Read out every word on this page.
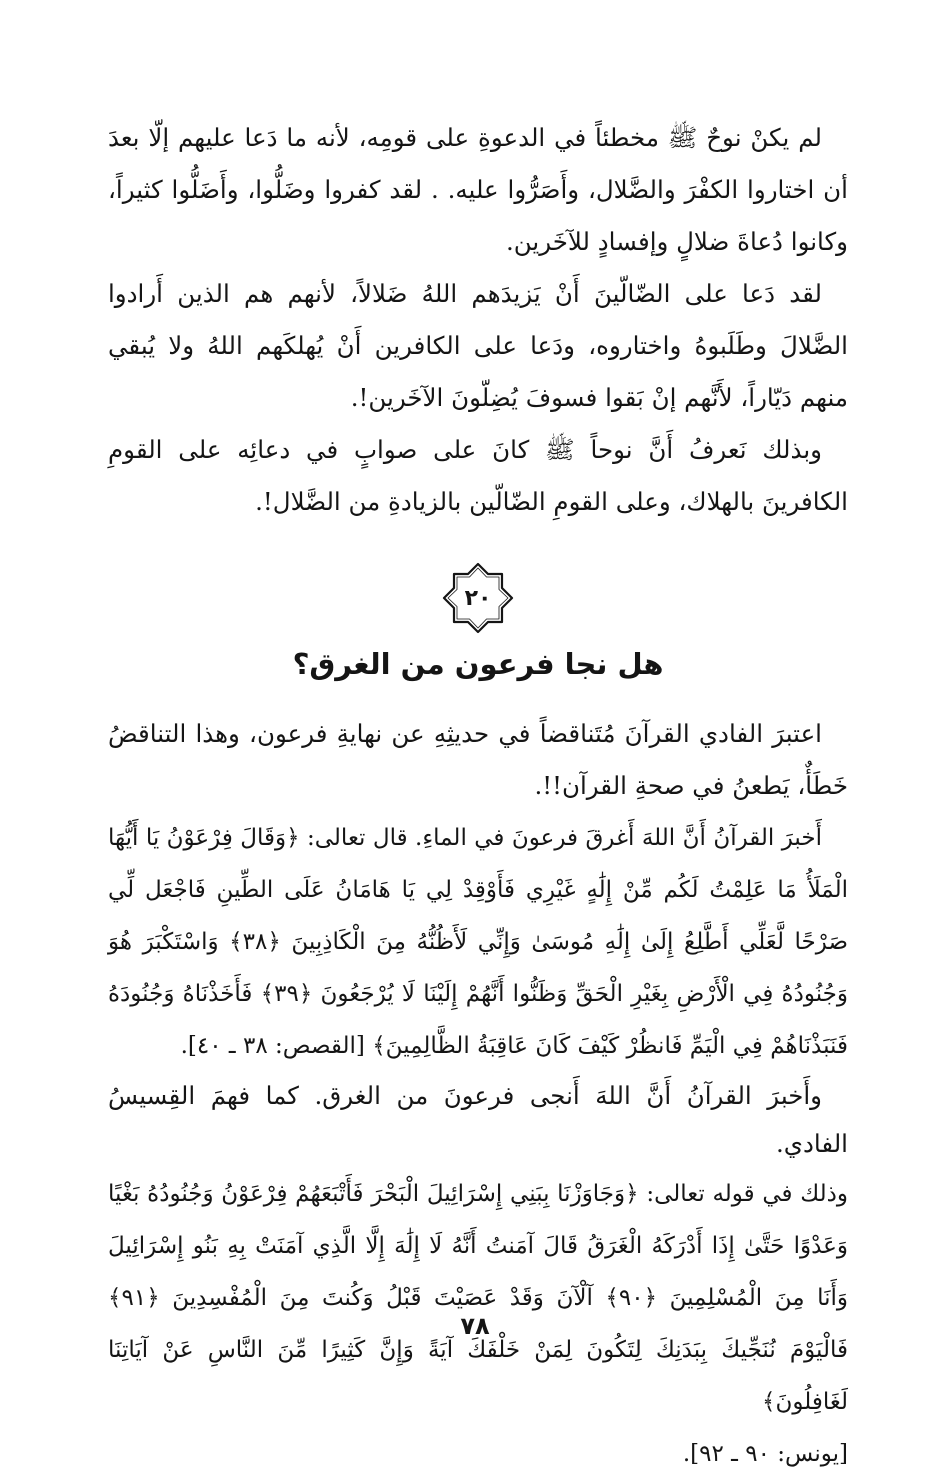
لم يكنْ نوحٌ ﷺ مخطئاً في الدعوةِ على قومِه، لأنه ما دَعا عليهم إلّا بعدَ أن اختاروا الكفْرَ والضَّلال، وأَصَرُّوا عليه. . لقد كفروا وضَلُّوا، وأَضَلُّوا كثيراً، وكانوا دُعاةَ ضلالٍ وإفسادٍ للآخَرين.

لقد دَعا على الضّالّينَ أَنْ يَزيدَهم اللهُ ضَلالاً، لأنهم هم الذين أَرادوا الضَّلالَ وطَلَبوهُ واختاروه، ودَعا على الكافرين أَنْ يُهلكَهم اللهُ ولا يُبقي منهم دَيّاراً، لأَنَّهم إنْ بَقوا فسوفَ يُضِلّونَ الآخَرين!.

وبذلك نَعرفُ أَنَّ نوحاً ﷺ كانَ على صوابٍ في دعائِه على القومِ الكافرينَ بالهلاك، وعلى القومِ الضّالّين بالزيادةِ من الضَّلال!.

٢٠
هل نجا فرعون من الغرق؟

اعتبرَ الفادي القرآنَ مُتَناقضاً في حديثِهِ عن نهايةِ فرعون، وهذا التناقضُ خَطَأٌ، يَطعنُ في صحةِ القرآن!!.

أَخبرَ القرآنُ أَنَّ اللهَ أَغرقَ فرعونَ في الماءِ. قال تعالى: ﴿وَقَالَ فِرْعَوْنُ يَا أَيُّهَا الْمَلَأُ مَا عَلِمْتُ لَكُم مِّنْ إِلَٰهٍ غَيْرِي فَأَوْقِدْ لِي يَا هَامَانُ عَلَى الطِّينِ فَاجْعَل لِّي صَرْحًا لَّعَلِّي أَطَّلِعُ إِلَىٰ إِلَٰهِ مُوسَىٰ وَإِنِّي لَأَظُنُّهُ مِنَ الْكَاذِبِينَ ﴿٣٨﴾ وَاسْتَكْبَرَ هُوَ وَجُنُودُهُ فِي الْأَرْضِ بِغَيْرِ الْحَقِّ وَظَنُّوا أَنَّهُمْ إِلَيْنَا لَا يُرْجَعُونَ ﴿٣٩﴾ فَأَخَذْنَاهُ وَجُنُودَهُ فَنَبَذْنَاهُمْ فِي الْيَمِّ فَانظُرْ كَيْفَ كَانَ عَاقِبَةُ الظَّالِمِينَ﴾ [القصص: ٣٨ ـ ٤٠].

وأَخبرَ القرآنُ أَنَّ اللهَ أَنجى فرعونَ من الغرق. كما فهمَ القِسيسُ الفادي.

وذلك في قوله تعالى: ﴿وَجَاوَزْنَا بِبَنِي إِسْرَائِيلَ الْبَحْرَ فَأَتْبَعَهُمْ فِرْعَوْنُ وَجُنُودُهُ بَغْيًا وَعَدْوًا حَتَّىٰ إِذَا أَدْرَكَهُ الْغَرَقُ قَالَ آمَنتُ أَنَّهُ لَا إِلَٰهَ إِلَّا الَّذِي آمَنَتْ بِهِ بَنُو إِسْرَائِيلَ وَأَنَا مِنَ الْمُسْلِمِينَ ﴿٩٠﴾ آلْآنَ وَقَدْ عَصَيْتَ قَبْلُ وَكُنتَ مِنَ الْمُفْسِدِينَ ﴿٩١﴾ فَالْيَوْمَ نُنَجِّيكَ بِبَدَنِكَ لِتَكُونَ لِمَنْ خَلْفَكَ آيَةً وَإِنَّ كَثِيرًا مِّنَ النَّاسِ عَنْ آيَاتِنَا لَغَافِلُونَ﴾
[يونس: ٩٠ ـ ٩٢].

٧٨
